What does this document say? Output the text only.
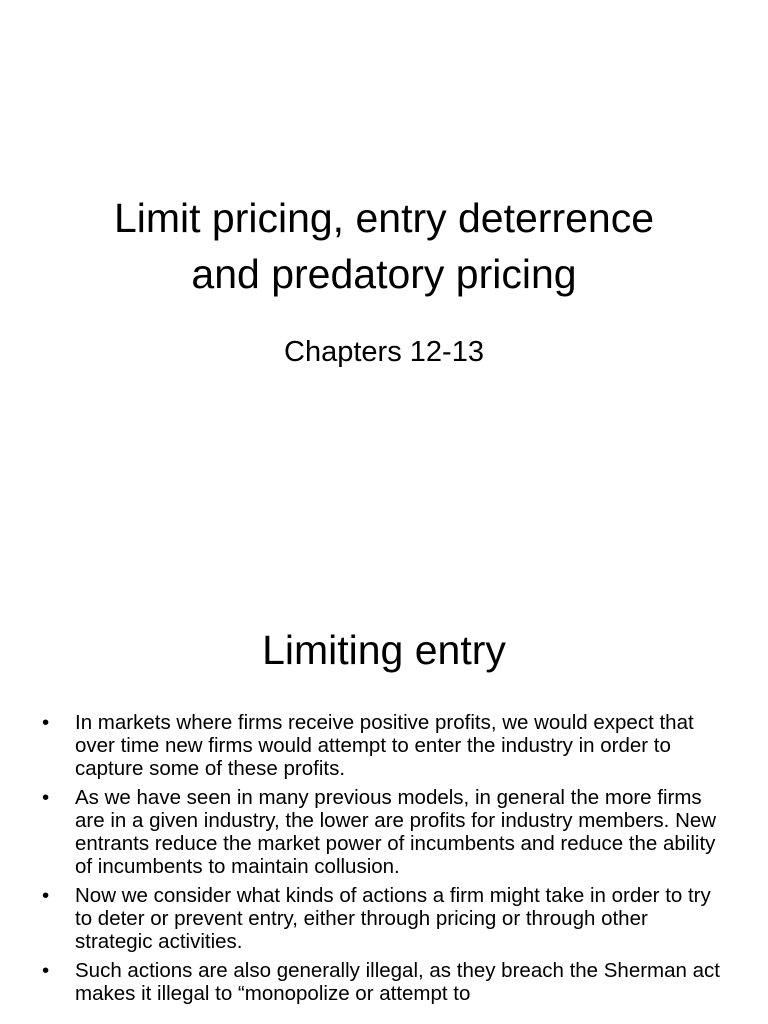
Limit pricing, entry deterrence
and predatory pricing
Chapters 12-13
Limiting entry
• In markets where firms receive positive profits, we would expect that over time new firms would attempt to enter the industry in order to capture some of these profits.
• As we have seen in many previous models, in general the more firms are in a given industry, the lower are profits for industry members. New entrants reduce the market power of incumbents and reduce the ability of incumbents to maintain collusion.
• Now we consider what kinds of actions a firm might take in order to try to deter or prevent entry, either through pricing or through other strategic activities.
• Such actions are also generally illegal, as they breach the Sherman act makes it illegal to “monopolize or attempt to
